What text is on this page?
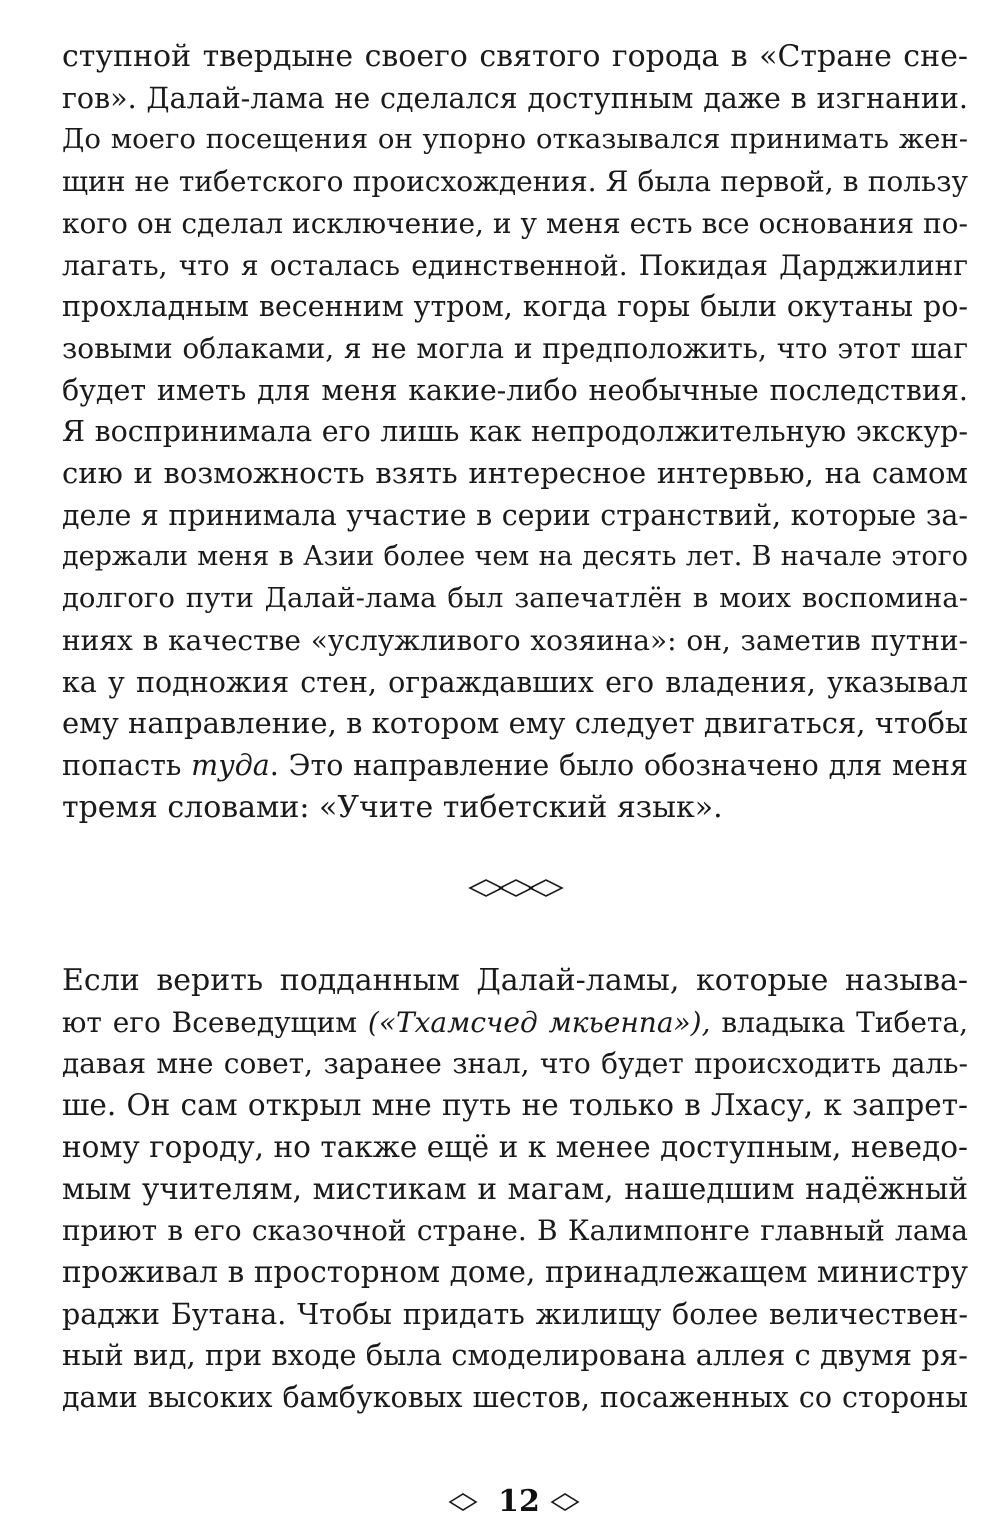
ступной твердыне своего святого города в «Стране сне-
гов». Далай-лама не сделался доступным даже в изгнании.
До моего посещения он упорно отказывался принимать жен-
щин не тибетского происхождения. Я была первой, в пользу
кого он сделал исключение, и у меня есть все основания по-
лагать, что я осталась единственной. Покидая Дарджилинг
прохладным весенним утром, когда горы были окутаны ро-
зовыми облаками, я не могла и предположить, что этот шаг
будет иметь для меня какие-либо необычные последствия.
Я воспринимала его лишь как непродолжительную экскур-
сию и возможность взять интересное интервью, на самом
деле я принимала участие в серии странствий, которые за-
держали меня в Азии более чем на десять лет. В начале этого
долгого пути Далай-лама был запечатлён в моих воспомина-
ниях в качестве «услужливого хозяина»: он, заметив путни-
ка у подножия стен, ограждавших его владения, указывал
ему направление, в котором ему следует двигаться, чтобы
попасть туда. Это направление было обозначено для меня
тремя словами: «Учите тибетский язык».
Если верить подданным Далай-ламы, которые называ-
ют его Всеведущим («Тхамсчед мкьенпа»), владыка Тибета,
давая мне совет, заранее знал, что будет происходить даль-
ше. Он сам открыл мне путь не только в Лхасу, к запрет-
ному городу, но также ещё и к менее доступным, неведо-
мым учителям, мистикам и магам, нашедшим надёжный
приют в его сказочной стране. В Калимпонге главный лама
проживал в просторном доме, принадлежащем министру
раджи Бутана. Чтобы придать жилищу более величествен-
ный вид, при входе была смоделирована аллея с двумя ря-
дами высоких бамбуковых шестов, посаженных со стороны
12
